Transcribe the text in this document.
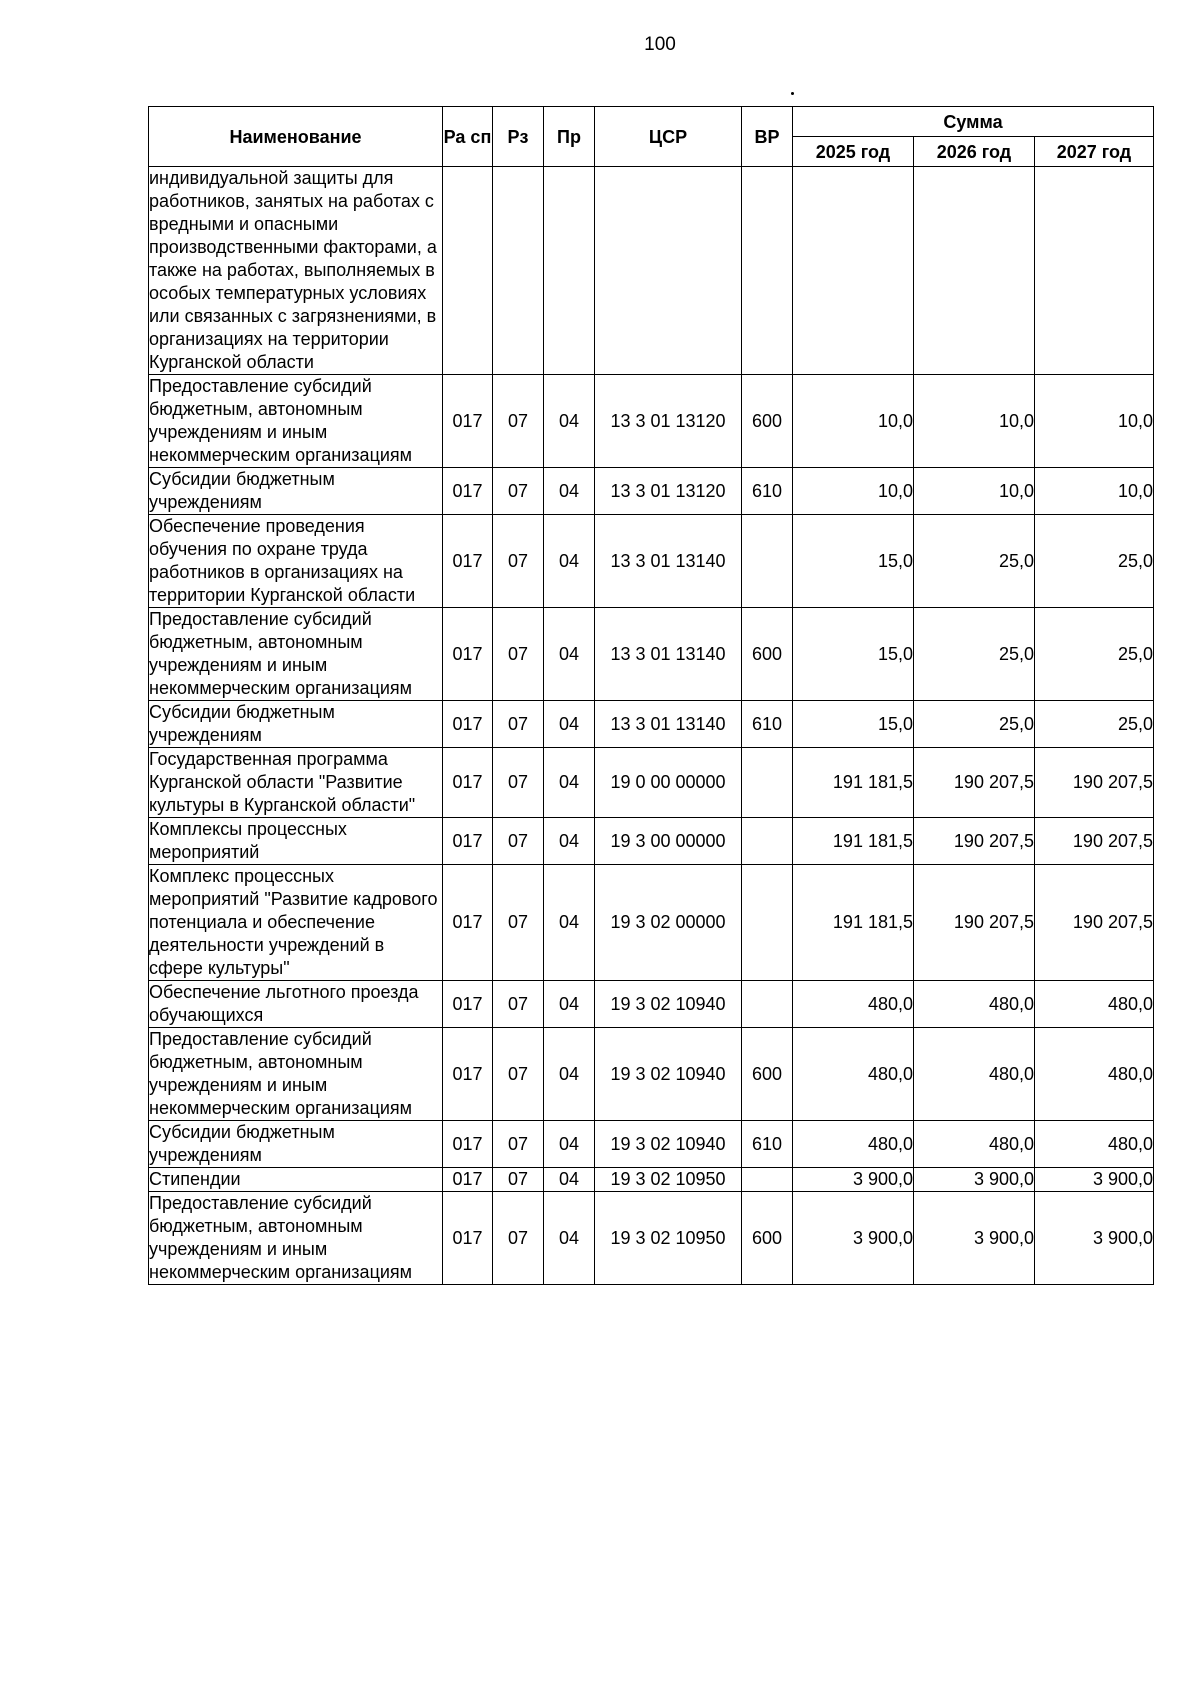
100
Наименование	Ра сп	Рз	Пр	ЦСР	ВР	Сумма		
						2025 год	2026 год	2027 год
индивидуальной защиты для работников, занятых на работах с вредными и опасными производственными факторами, а также на работах, выполняемых в особых температурных условиях или связанных с загрязнениями, в организациях на территории Курганской области								
Предоставление субсидий бюджетным, автономным учреждениям и иным некоммерческим организациям	017	07	04	13 3 01 13120	600	10,0	10,0	10,0
Субсидии бюджетным учреждениям	017	07	04	13 3 01 13120	610	10,0	10,0	10,0
Обеспечение проведения обучения по охране труда работников в организациях на территории Курганской области	017	07	04	13 3 01 13140		15,0	25,0	25,0
Предоставление субсидий бюджетным, автономным учреждениям и иным некоммерческим организациям	017	07	04	13 3 01 13140	600	15,0	25,0	25,0
Субсидии бюджетным учреждениям	017	07	04	13 3 01 13140	610	15,0	25,0	25,0
Государственная программа Курганской области "Развитие культуры в Курганской области"	017	07	04	19 0 00 00000		191 181,5	190 207,5	190 207,5
Комплексы процессных мероприятий	017	07	04	19 3 00 00000		191 181,5	190 207,5	190 207,5
Комплекс процессных мероприятий "Развитие кадрового потенциала и обеспечение деятельности учреждений в сфере культуры"	017	07	04	19 3 02 00000		191 181,5	190 207,5	190 207,5
Обеспечение льготного проезда обучающихся	017	07	04	19 3 02 10940		480,0	480,0	480,0
Предоставление субсидий бюджетным, автономным учреждениям и иным некоммерческим организациям	017	07	04	19 3 02 10940	600	480,0	480,0	480,0
Субсидии бюджетным учреждениям	017	07	04	19 3 02 10940	610	480,0	480,0	480,0
Стипендии	017	07	04	19 3 02 10950		3 900,0	3 900,0	3 900,0
Предоставление субсидий бюджетным, автономным учреждениям и иным некоммерческим организациям	017	07	04	19 3 02 10950	600	3 900,0	3 900,0	3 900,0
